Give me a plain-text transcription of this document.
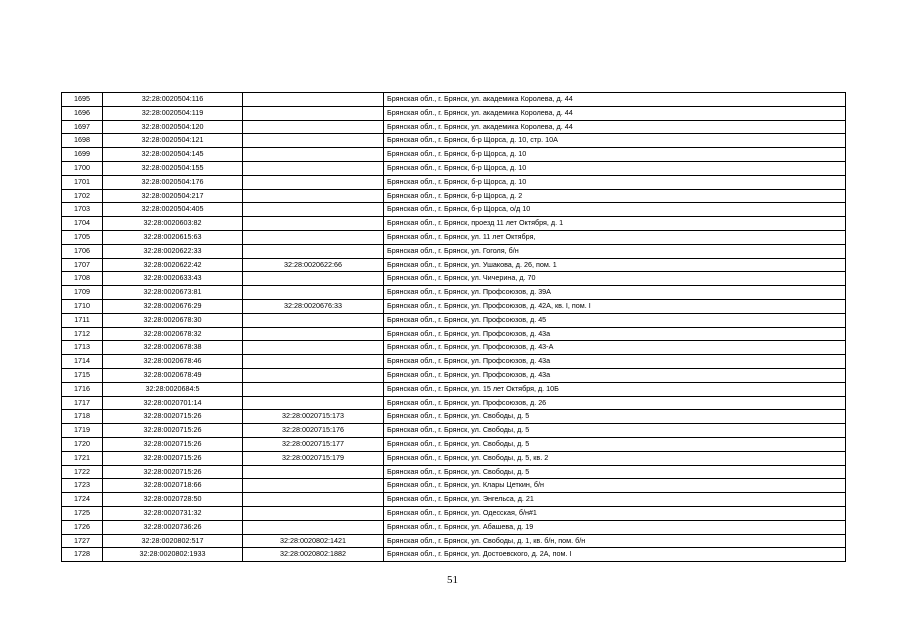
1695	32:28:0020504:116		Брянская обл., г. Брянск, ул. академика Королева, д. 44
1696	32:28:0020504:119		Брянская обл., г. Брянск, ул. академика Королева, д. 44
1697	32:28:0020504:120		Брянская обл., г. Брянск, ул. академика Королева, д. 44
1698	32:28:0020504:121		Брянская обл., г. Брянск, б-р Щорса, д. 10, стр. 10А
1699	32:28:0020504:145		Брянская обл., г. Брянск, б-р Щорса, д. 10
1700	32:28:0020504:155		Брянская обл., г. Брянск, б-р Щорса, д. 10
1701	32:28:0020504:176		Брянская обл., г. Брянск, б-р Щорса, д. 10
1702	32:28:0020504:217		Брянская обл., г. Брянск, б-р Щорса, д. 2
1703	32:28:0020504:405		Брянская обл., г. Брянск, б-р Щорса, о/д 10
1704	32:28:0020603:82		Брянская обл., г. Брянск, проезд 11 лет Октября, д. 1
1705	32:28:0020615:63		Брянская обл., г. Брянск, ул. 11 лет Октября,
1706	32:28:0020622:33		Брянская обл., г. Брянск, ул. Гоголя, б/н
1707	32:28:0020622:42	32:28:0020622:66	Брянская обл., г. Брянск, ул. Ушакова, д. 26, пом. 1
1708	32:28:0020633:43		Брянская обл., г. Брянск, ул. Чичерина, д. 70
1709	32:28:0020673:81		Брянская обл., г. Брянск, ул. Профсоюзов, д. 39А
1710	32:28:0020676:29	32:28:0020676:33	Брянская обл., г. Брянск, ул. Профсоюзов, д. 42А, кв. I, пом. I
1711	32:28:0020678:30		Брянская обл., г. Брянск, ул. Профсоюзов, д. 45
1712	32:28:0020678:32		Брянская обл., г. Брянск, ул. Профсоюзов, д. 43а
1713	32:28:0020678:38		Брянская обл., г. Брянск, ул. Профсоюзов, д. 43-А
1714	32:28:0020678:46		Брянская обл., г. Брянск, ул. Профсоюзов, д. 43а
1715	32:28:0020678:49		Брянская обл., г. Брянск, ул. Профсоюзов, д. 43а
1716	32:28:0020684:5		Брянская обл., г. Брянск, ул. 15 лет Октября, д. 10Б
1717	32:28:0020701:14		Брянская обл., г. Брянск, ул. Профсоюзов, д. 26
1718	32:28:0020715:26	32:28:0020715:173	Брянская обл., г. Брянск, ул. Свободы, д. 5
1719	32:28:0020715:26	32:28:0020715:176	Брянская обл., г. Брянск, ул. Свободы, д. 5
1720	32:28:0020715:26	32:28:0020715:177	Брянская обл., г. Брянск, ул. Свободы, д. 5
1721	32:28:0020715:26	32:28:0020715:179	Брянская обл., г. Брянск, ул. Свободы, д. 5, кв. 2
1722	32:28:0020715:26		Брянская обл., г. Брянск, ул. Свободы, д. 5
1723	32:28:0020718:66		Брянская обл., г. Брянск, ул. Клары Цеткин, б/н
1724	32:28:0020728:50		Брянская обл., г. Брянск, ул. Энгельса, д. 21
1725	32:28:0020731:32		Брянская обл., г. Брянск, ул. Одесская, б/н#1
1726	32:28:0020736:26		Брянская обл., г. Брянск, ул. Абашева, д. 19
1727	32:28:0020802:517	32:28:0020802:1421	Брянская обл., г. Брянск, ул. Свободы, д. 1, кв. б/н, пом. б/н
1728	32:28:0020802:1933	32:28:0020802:1882	Брянская обл., г. Брянск, ул. Достоевского, д. 2А, пом. I
51
